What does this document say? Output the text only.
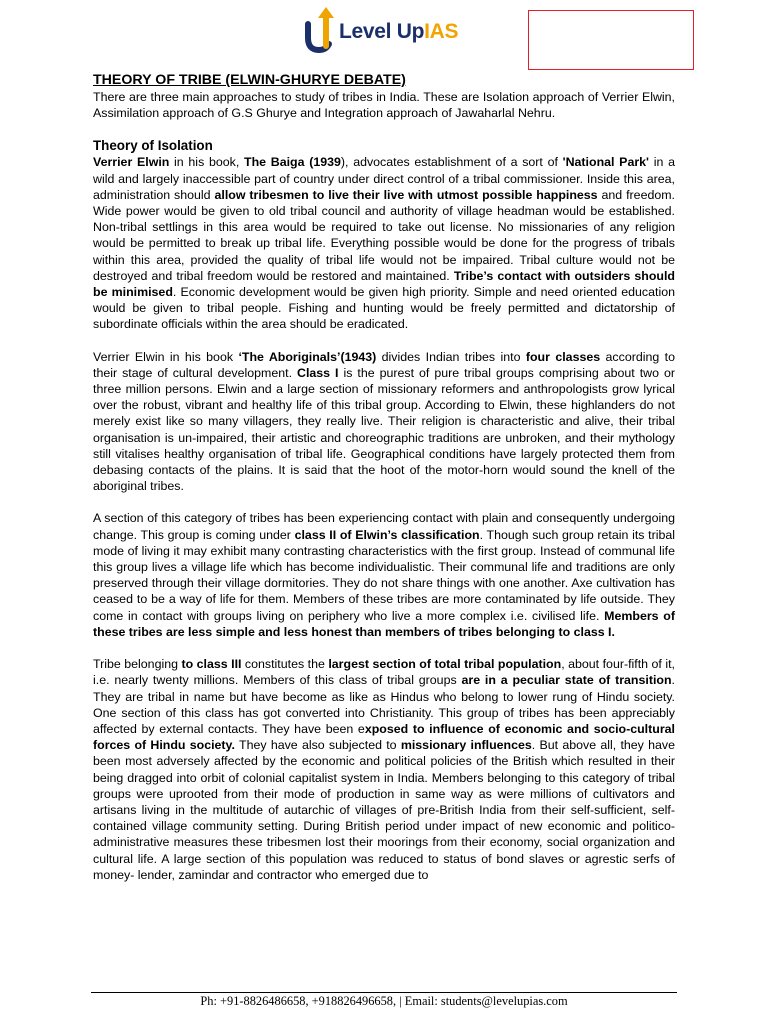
Level UpIAS

THEORY OF TRIBE (ELWIN-GHURYE DEBATE)

There are three main approaches to study of tribes in India. These are Isolation approach of Verrier Elwin, Assimilation approach of G.S Ghurye and Integration approach of Jawaharlal Nehru.

Theory of Isolation

Verrier Elwin in his book, The Baiga (1939), advocates establishment of a sort of 'National Park' in a wild and largely inaccessible part of country under direct control of a tribal commissioner. Inside this area, administration should allow tribesmen to live their live with utmost possible happiness and freedom. Wide power would be given to old tribal council and authority of village headman would be established. Non-tribal settlings in this area would be required to take out license. No missionaries of any religion would be permitted to break up tribal life. Everything possible would be done for the progress of tribals within this area, provided the quality of tribal life would not be impaired. Tribal culture would not be destroyed and tribal freedom would be restored and maintained. Tribe’s contact with outsiders should be minimised. Economic development would be given high priority. Simple and need oriented education would be given to tribal people. Fishing and hunting would be freely permitted and dictatorship of subordinate officials within the area should be eradicated.

Verrier Elwin in his book ‘The Aboriginals’(1943) divides Indian tribes into four classes according to their stage of cultural development. Class I is the purest of pure tribal groups comprising about two or three million persons. Elwin and a large section of missionary reformers and anthropologists grow lyrical over the robust, vibrant and healthy life of this tribal group. According to Elwin, these highlanders do not merely exist like so many villagers, they really live. Their religion is characteristic and alive, their tribal organisation is un-impaired, their artistic and choreographic traditions are unbroken, and their mythology still vitalises healthy organisation of tribal life. Geographical conditions have largely protected them from debasing contacts of the plains. It is said that the hoot of the motor-horn would sound the knell of the aboriginal tribes.

A section of this category of tribes has been experiencing contact with plain and consequently undergoing change. This group is coming under class II of Elwin’s classification. Though such group retain its tribal mode of living it may exhibit many contrasting characteristics with the first group. Instead of communal life this group lives a village life which has become individualistic. Their communal life and traditions are only preserved through their village dormitories. They do not share things with one another. Axe cultivation has ceased to be a way of life for them. Members of these tribes are more contaminated by life outside. They come in contact with groups living on periphery who live a more complex i.e. civilised life. Members of these tribes are less simple and less honest than members of tribes belonging to class I.

Tribe belonging to class III constitutes the largest section of total tribal population, about four-fifth of it, i.e. nearly twenty millions. Members of this class of tribal groups are in a peculiar state of transition. They are tribal in name but have become as like as Hindus who belong to lower rung of Hindu society. One section of this class has got converted into Christianity. This group of tribes has been appreciably affected by external contacts. They have been exposed to influence of economic and socio-cultural forces of Hindu society. They have also subjected to missionary influences. But above all, they have been most adversely affected by the economic and political policies of the British which resulted in their being dragged into orbit of colonial capitalist system in India. Members belonging to this category of tribal groups were uprooted from their mode of production in same way as were millions of cultivators and artisans living in the multitude of autarchic of villages of pre-British India from their self-sufficient, self-contained village community setting. During British period under impact of new economic and politico-administrative measures these tribesmen lost their moorings from their economy, social organization and cultural life. A large section of this population was reduced to status of bond slaves or agrestic serfs of money- lender, zamindar and contractor who emerged due to

Ph: +91-8826486658, +918826496658, | Email: students@levelupias.com
